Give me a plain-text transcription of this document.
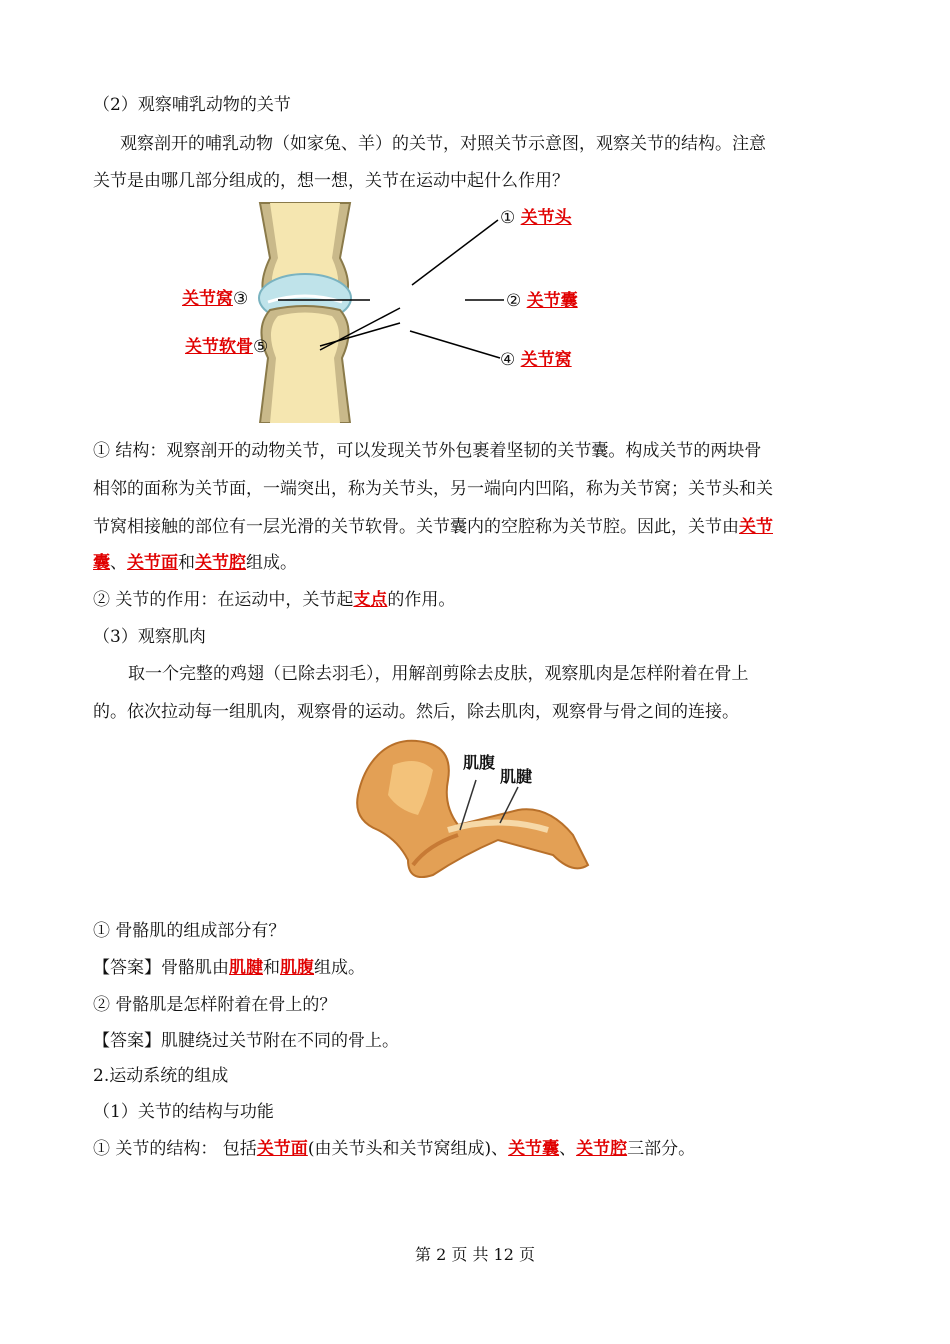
（2）观察哺乳动物的关节
观察剖开的哺乳动物（如家兔、羊）的关节，对照关节示意图，观察关节的结构。注意
关节是由哪几部分组成的，想一想，关节在运动中起什么作用？
① 关节头
② 关节囊
关节窝③
④ 关节窝
关节软骨⑤
① 结构：观察剖开的动物关节，可以发现关节外包裹着坚韧的关节囊。构成关节的两块骨
相邻的面称为关节面，一端突出，称为关节头，另一端向内凹陷，称为关节窝；关节头和关
节窝相接触的部位有一层光滑的关节软骨。关节囊内的空腔称为关节腔。因此，关节由关节
囊、关节面和关节腔组成。
② 关节的作用：在运动中，关节起支点的作用。
（3）观察肌肉
取一个完整的鸡翅（已除去羽毛），用解剖剪除去皮肤，观察肌肉是怎样附着在骨上
的。依次拉动每一组肌肉，观察骨的运动。然后，除去肌肉，观察骨与骨之间的连接。
肌腹
肌腱
① 骨骼肌的组成部分有？
【答案】骨骼肌由肌腱和肌腹组成。
② 骨骼肌是怎样附着在骨上的？
【答案】肌腱绕过关节附在不同的骨上。
2.运动系统的组成
（1）关节的结构与功能
① 关节的结构： 包括关节面(由关节头和关节窝组成)、关节囊、关节腔三部分。
第 2 页 共 12 页
